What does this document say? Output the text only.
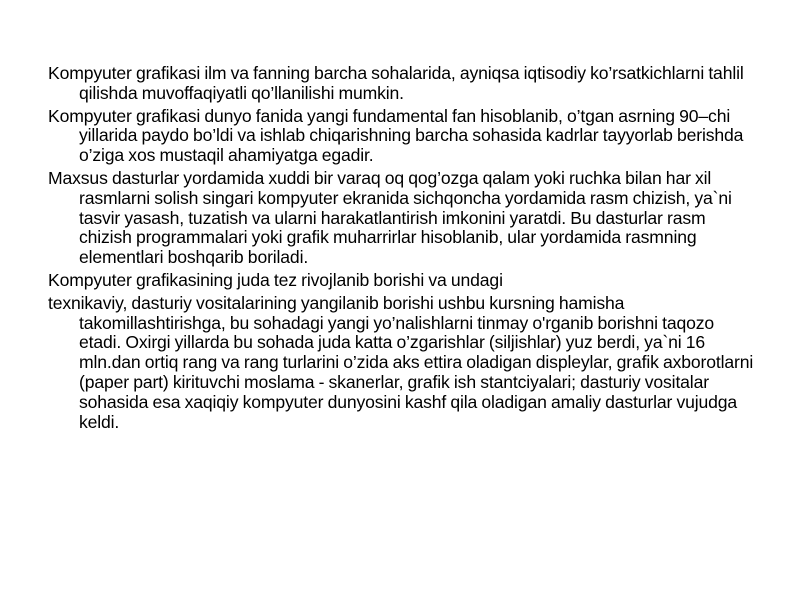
Kompyuter grafikasi ilm va fanning barcha sohalarida, ayniqsa iqtisodiy ko’rsatkichlarni tahlil qilishda muvoffaqiyatli qo’llanilishi mumkin.

Kompyuter grafikasi dunyo fanida yangi fundamental fan hisoblanib, o’tgan asrning 90–chi yillarida paydo bo’ldi va ishlab chiqarishning barcha sohasida kadrlar tayyorlab berishda o’ziga xos mustaqil ahamiyatga egadir.

Maxsus dasturlar yordamida xuddi bir varaq oq qog’ozga qalam yoki ruchka bilan har xil rasmlarni solish singari kompyuter ekranida sichqoncha yordamida rasm chizish, ya`ni tasvir yasash, tuzatish va ularni harakatlantirish imkonini yaratdi. Bu dasturlar rasm chizish programmalari yoki grafik muharrirlar hisoblanib, ular yordamida rasmning elementlari boshqarib boriladi.

Kompyuter grafikasining juda tez rivojlanib borishi va undagi

texnikaviy, dasturiy vositalarining yangilanib borishi ushbu kursning hamisha takomillashtirishga, bu sohadagi yangi yo’nalishlarni tinmay o'rganib borishni taqozo etadi. Oxirgi yillarda bu sohada juda katta o’zgarishlar (siljishlar) yuz berdi, ya`ni 16 mln.dan ortiq rang va rang turlarini o’zida aks ettira oladigan displeylar, grafik axborotlarni (paper part) kirituvchi moslama - skanerlar, grafik ish stantciyalari; dasturiy vositalar sohasida esa xaqiqiy kompyuter dunyosini kashf qila oladigan amaliy dasturlar vujudga keldi.
